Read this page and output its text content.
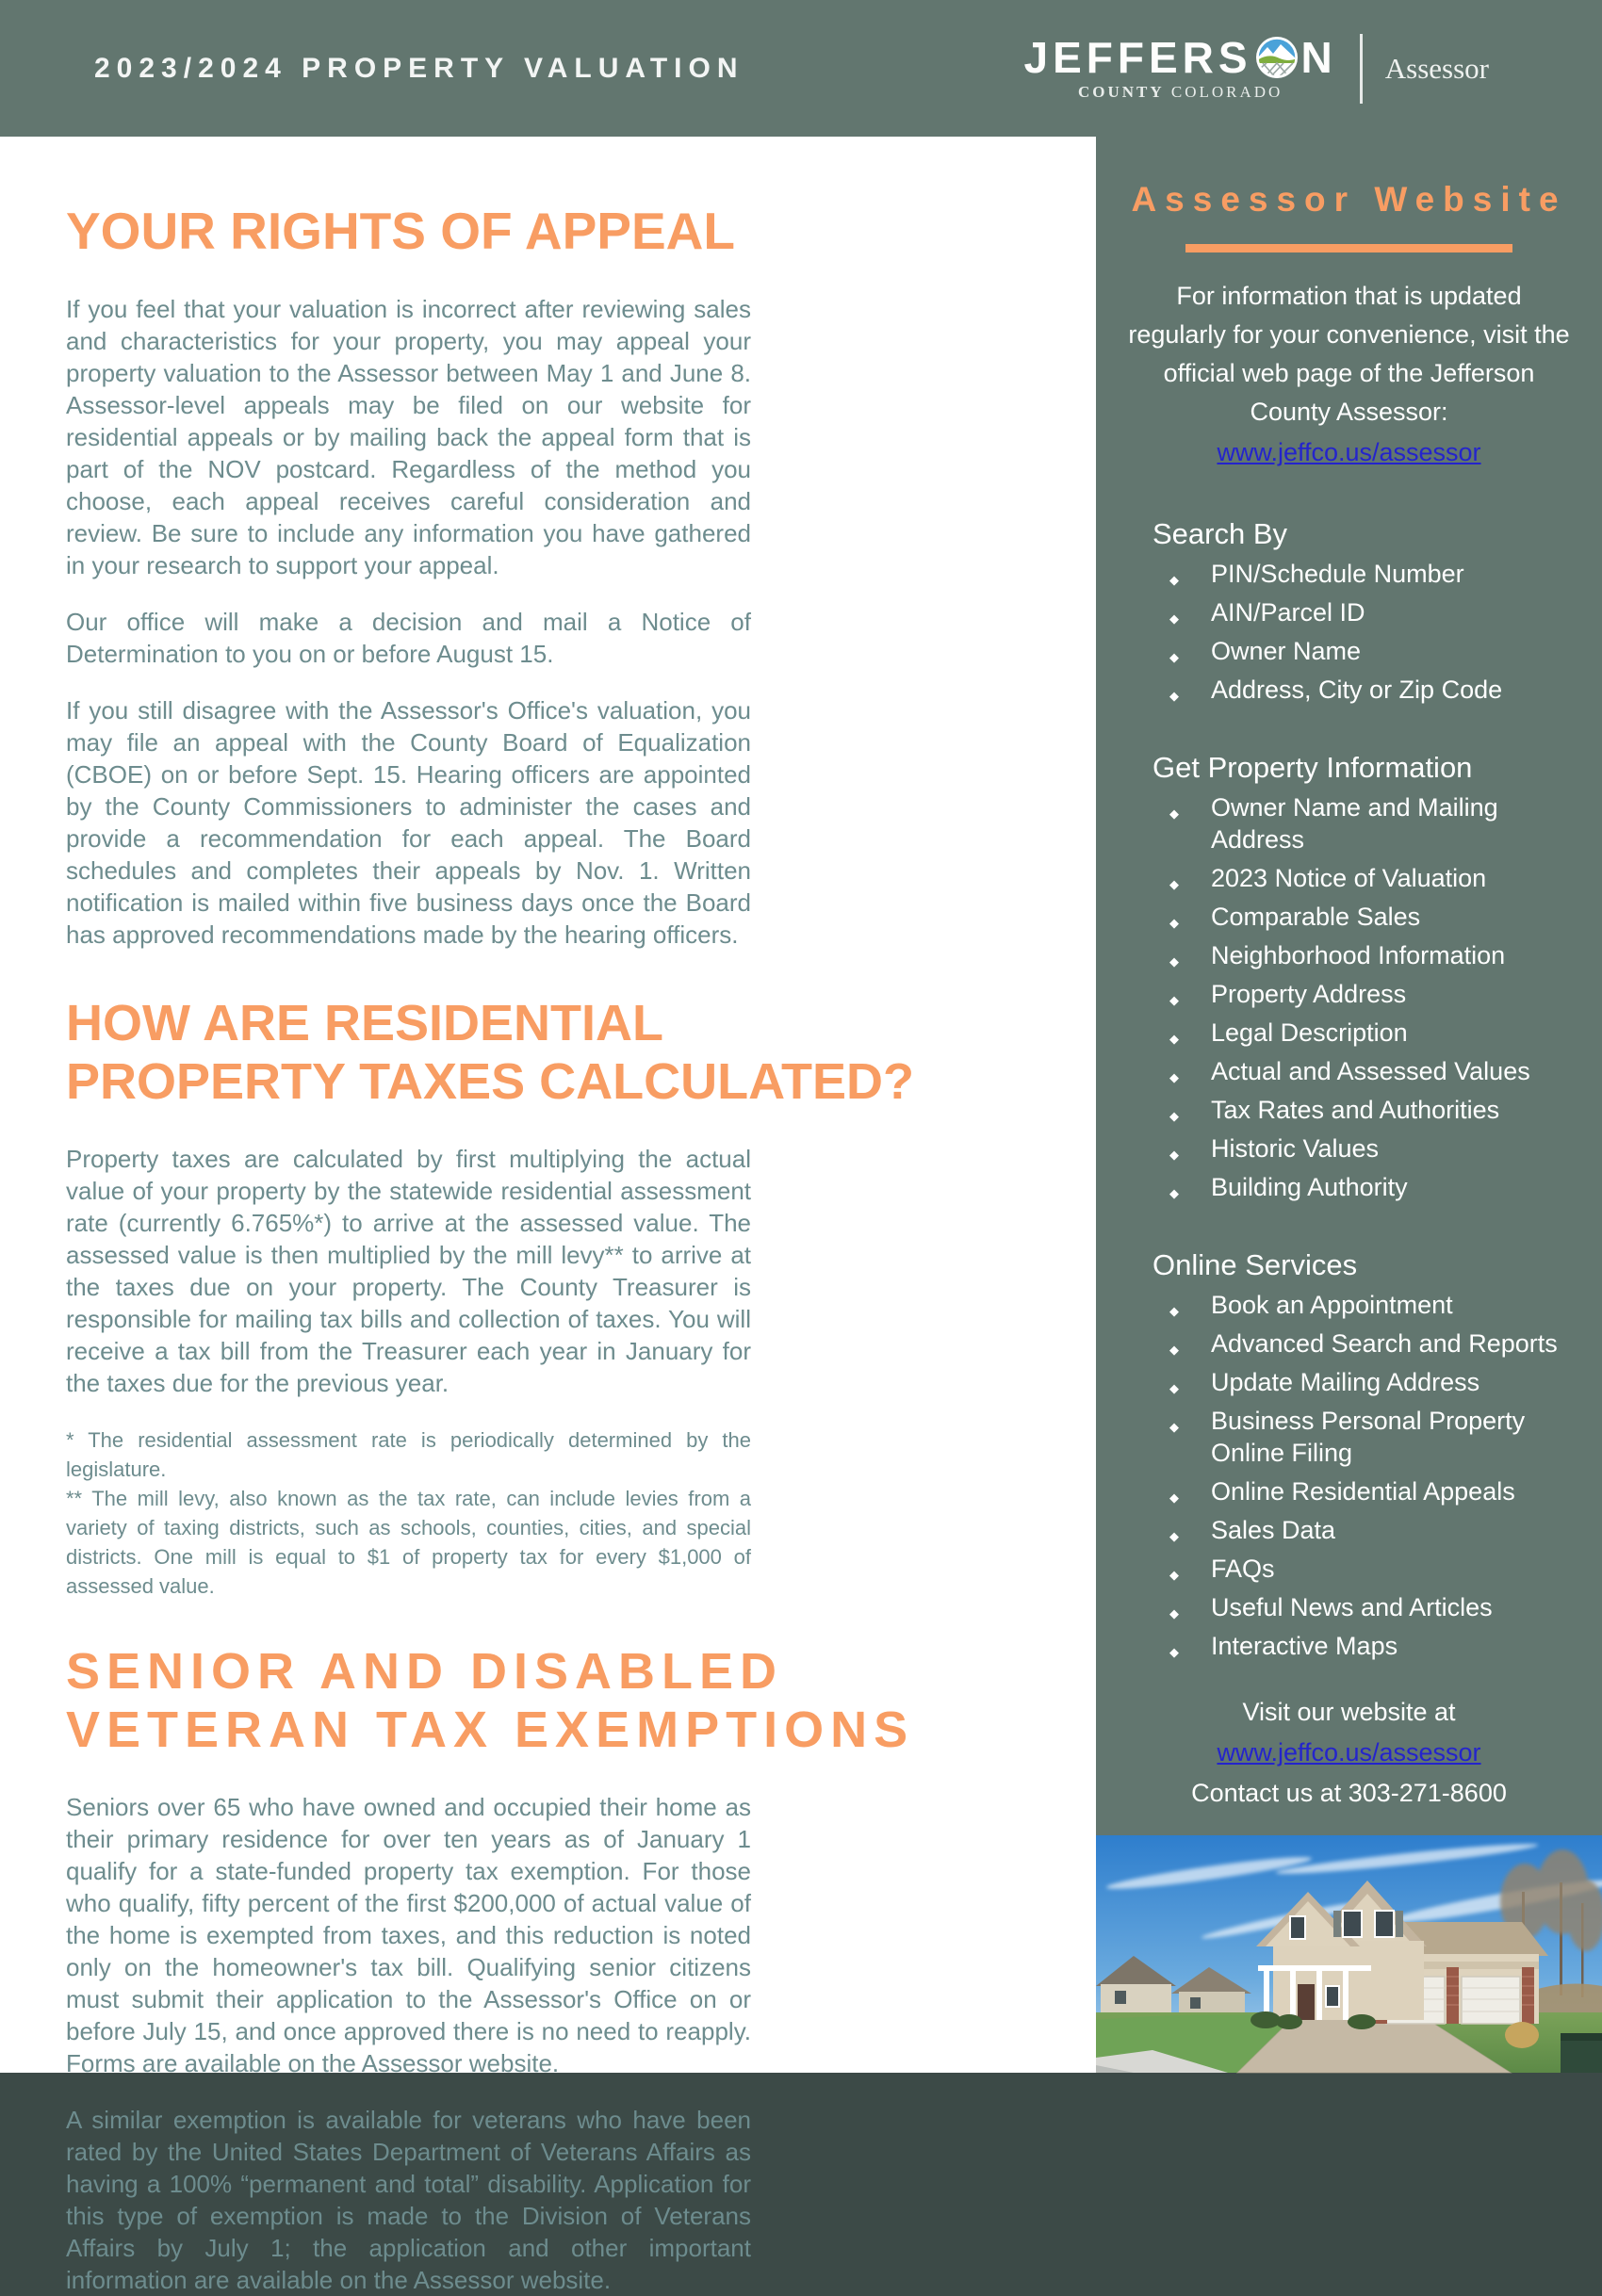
2023/2024 PROPERTY VALUATION	JEFFERS N
COUNTY COLORADO
Assessor
YOUR RIGHTS OF APPEAL

If you feel that your valuation is incorrect after reviewing sales and characteristics for your property, you may appeal your property valuation to the Assessor between May 1 and June 8. Assessor-level appeals may be filed on our website for residential appeals or by mailing back the appeal form that is part of the NOV postcard. Regardless of the method you choose, each appeal receives careful consideration and review. Be sure to include any information you have gathered in your research to support your appeal.

Our office will make a decision and mail a Notice of Determination to you on or before August 15.

If you still disagree with the Assessor's Office's valuation, you may file an appeal with the County Board of Equalization (CBOE) on or before Sept. 15. Hearing officers are appointed by the County Commissioners to administer the cases and provide a recommendation for each appeal. The Board schedules and completes their appeals by Nov. 1. Written notification is mailed within five business days once the Board has approved recommendations made by the hearing officers.

HOW ARE RESIDENTIAL
PROPERTY TAXES CALCULATED?

Property taxes are calculated by first multiplying the actual value of your property by the statewide residential assessment rate (currently 6.765%*) to arrive at the assessed value. The assessed value is then multiplied by the mill levy** to arrive at the taxes due on your property. The County Treasurer is responsible for mailing tax bills and collection of taxes. You will receive a tax bill from the Treasurer each year in January for the taxes due for the previous year.

* The residential assessment rate is periodically determined by the legislature.

** The mill levy, also known as the tax rate, can include levies from a variety of taxing districts, such as schools, counties, cities, and special districts. One mill is equal to $1 of property tax for every $1,000 of assessed value.

SENIOR AND DISABLED
VETERAN TAX EXEMPTIONS

Seniors over 65 who have owned and occupied their home as their primary residence for over ten years as of January 1 qualify for a state-funded property tax exemption. For those who qualify, fifty percent of the first $200,000 of actual value of the home is exempted from taxes, and this reduction is noted only on the homeowner's tax bill. Qualifying senior citizens must submit their application to the Assessor's Office on or before July 15, and once approved there is no need to reapply. Forms are available on the Assessor website.

A similar exemption is available for veterans who have been rated by the United States Department of Veterans Affairs as having a 100% “permanent and total” disability. Application for this type of exemption is made to the Division of Veterans Affairs by July 1; the application and other important information are available on the Assessor website.

Assessor Website
For information that is updated regularly for your convenience, visit the official web page of the Jefferson County Assessor:
www.jeffco.us/assessor
Search By
◆ PIN/Schedule Number
◆ AIN/Parcel ID
◆ Owner Name
◆ Address, City or Zip Code
Get Property Information
◆ Owner Name and Mailing Address
◆ 2023 Notice of Valuation
◆ Comparable Sales
◆ Neighborhood Information
◆ Property Address
◆ Legal Description
◆ Actual and Assessed Values
◆ Tax Rates and Authorities
◆ Historic Values
◆ Building Authority
Online Services
◆ Book an Appointment
◆ Advanced Search and Reports
◆ Update Mailing Address
◆ Business Personal Property Online Filing
◆ Online Residential Appeals
◆ Sales Data
◆ FAQs
◆ Useful News and Articles
◆ Interactive Maps
Visit our website at
www.jeffco.us/assessor
Contact us at 303-271-8600
